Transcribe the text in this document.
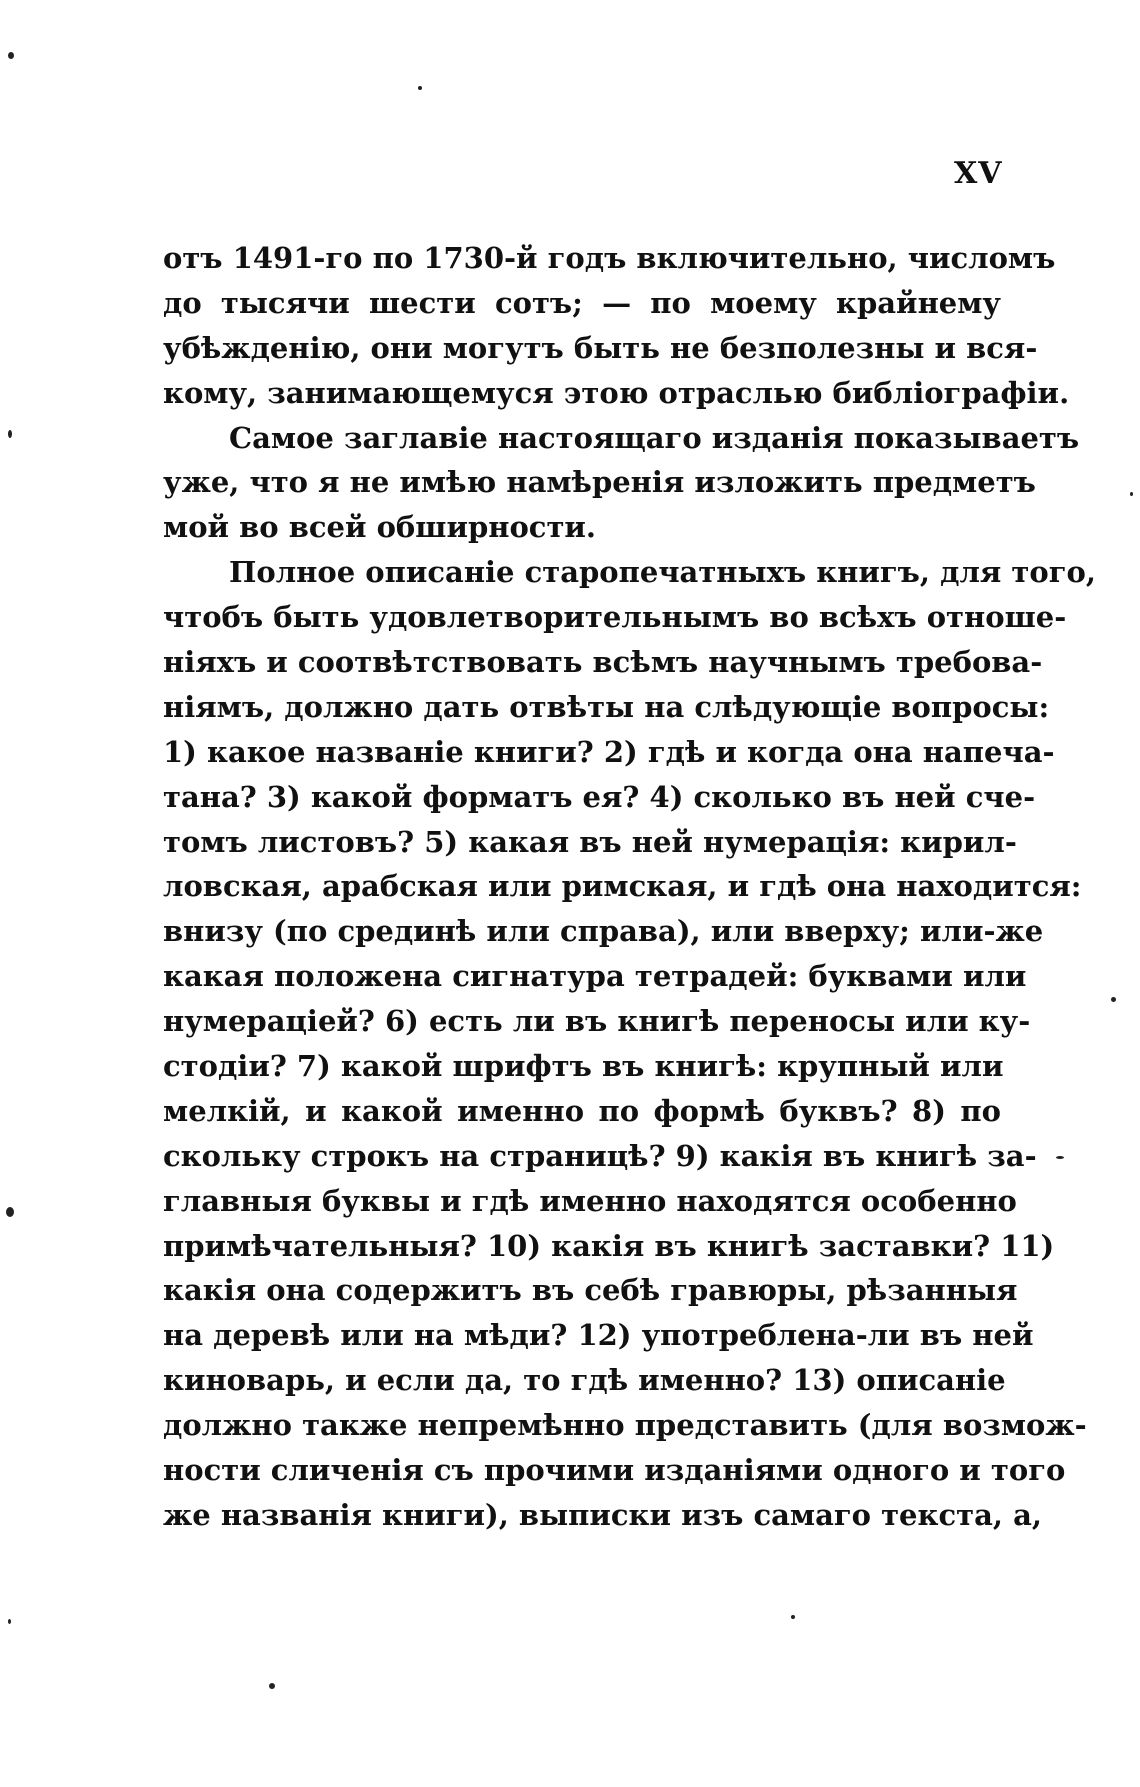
XV
отъ 1491-го по 1730-й годъ включительно, числомъ
до тысячи шести сотъ; — по моему крайнему
убѣжденію, они могутъ быть не безполезны и вся-
кому, занимающемуся этою отраслью библіографіи.
Самое заглавіе настоящаго изданія показываетъ
уже, что я не имѣю намѣренія изложить предметъ
мой во всей обширности.
Полное описаніе старопечатныхъ книгъ, для того,
чтобъ быть удовлетворительнымъ во всѣхъ отноше-
ніяхъ и соотвѣтствовать всѣмъ научнымъ требова-
ніямъ, должно дать отвѣты на слѣдующіе вопросы:
1) какое названіе книги? 2) гдѣ и когда она напеча-
тана? 3) какой форматъ ея? 4) сколько въ ней сче-
томъ листовъ? 5) какая въ ней нумерація: кирил-
ловская, арабская или римская, и гдѣ она находится:
внизу (по срединѣ или справа), или вверху; или-же
какая положена сигнатура тетрадей: буквами или
нумераціей? 6) есть ли въ книгѣ переносы или ку-
стодіи? 7) какой шрифтъ въ книгѣ: крупный или
мелкій, и какой именно по формѣ буквъ? 8) по
скольку строкъ на страницѣ? 9) какія въ книгѣ за-
главныя буквы и гдѣ именно находятся особенно
примѣчательныя? 10) какія въ книгѣ заставки? 11)
какія она содержитъ въ себѣ гравюры, рѣзанныя
на деревѣ или на мѣди? 12) употреблена-ли въ ней
киноварь, и если да, то гдѣ именно? 13) описаніе
должно также непремѣнно представить (для возмож-
ности сличенія съ прочими изданіями одного и того
же названія книги), выписки изъ самаго текста, а,
